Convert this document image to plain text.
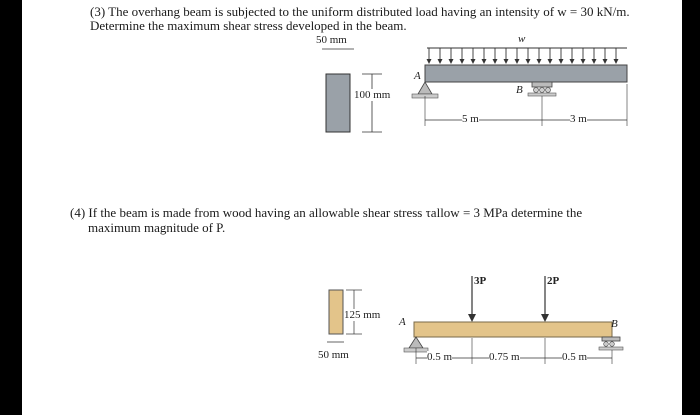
(3) The overhang beam is subjected to the uniform distributed load having an intensity of w = 30 kN/m.
Determine the maximum shear stress developed in the beam.
50 mm
100 mm
w
A
B
5 m	3 m
(4) If the beam is made from wood having an allowable shear stress τallow = 3 MPa determine the
maximum magnitude of P.
3P	2P
125 mm
50 mm
A	B
0.5 m	0.75 m	0.5 m
